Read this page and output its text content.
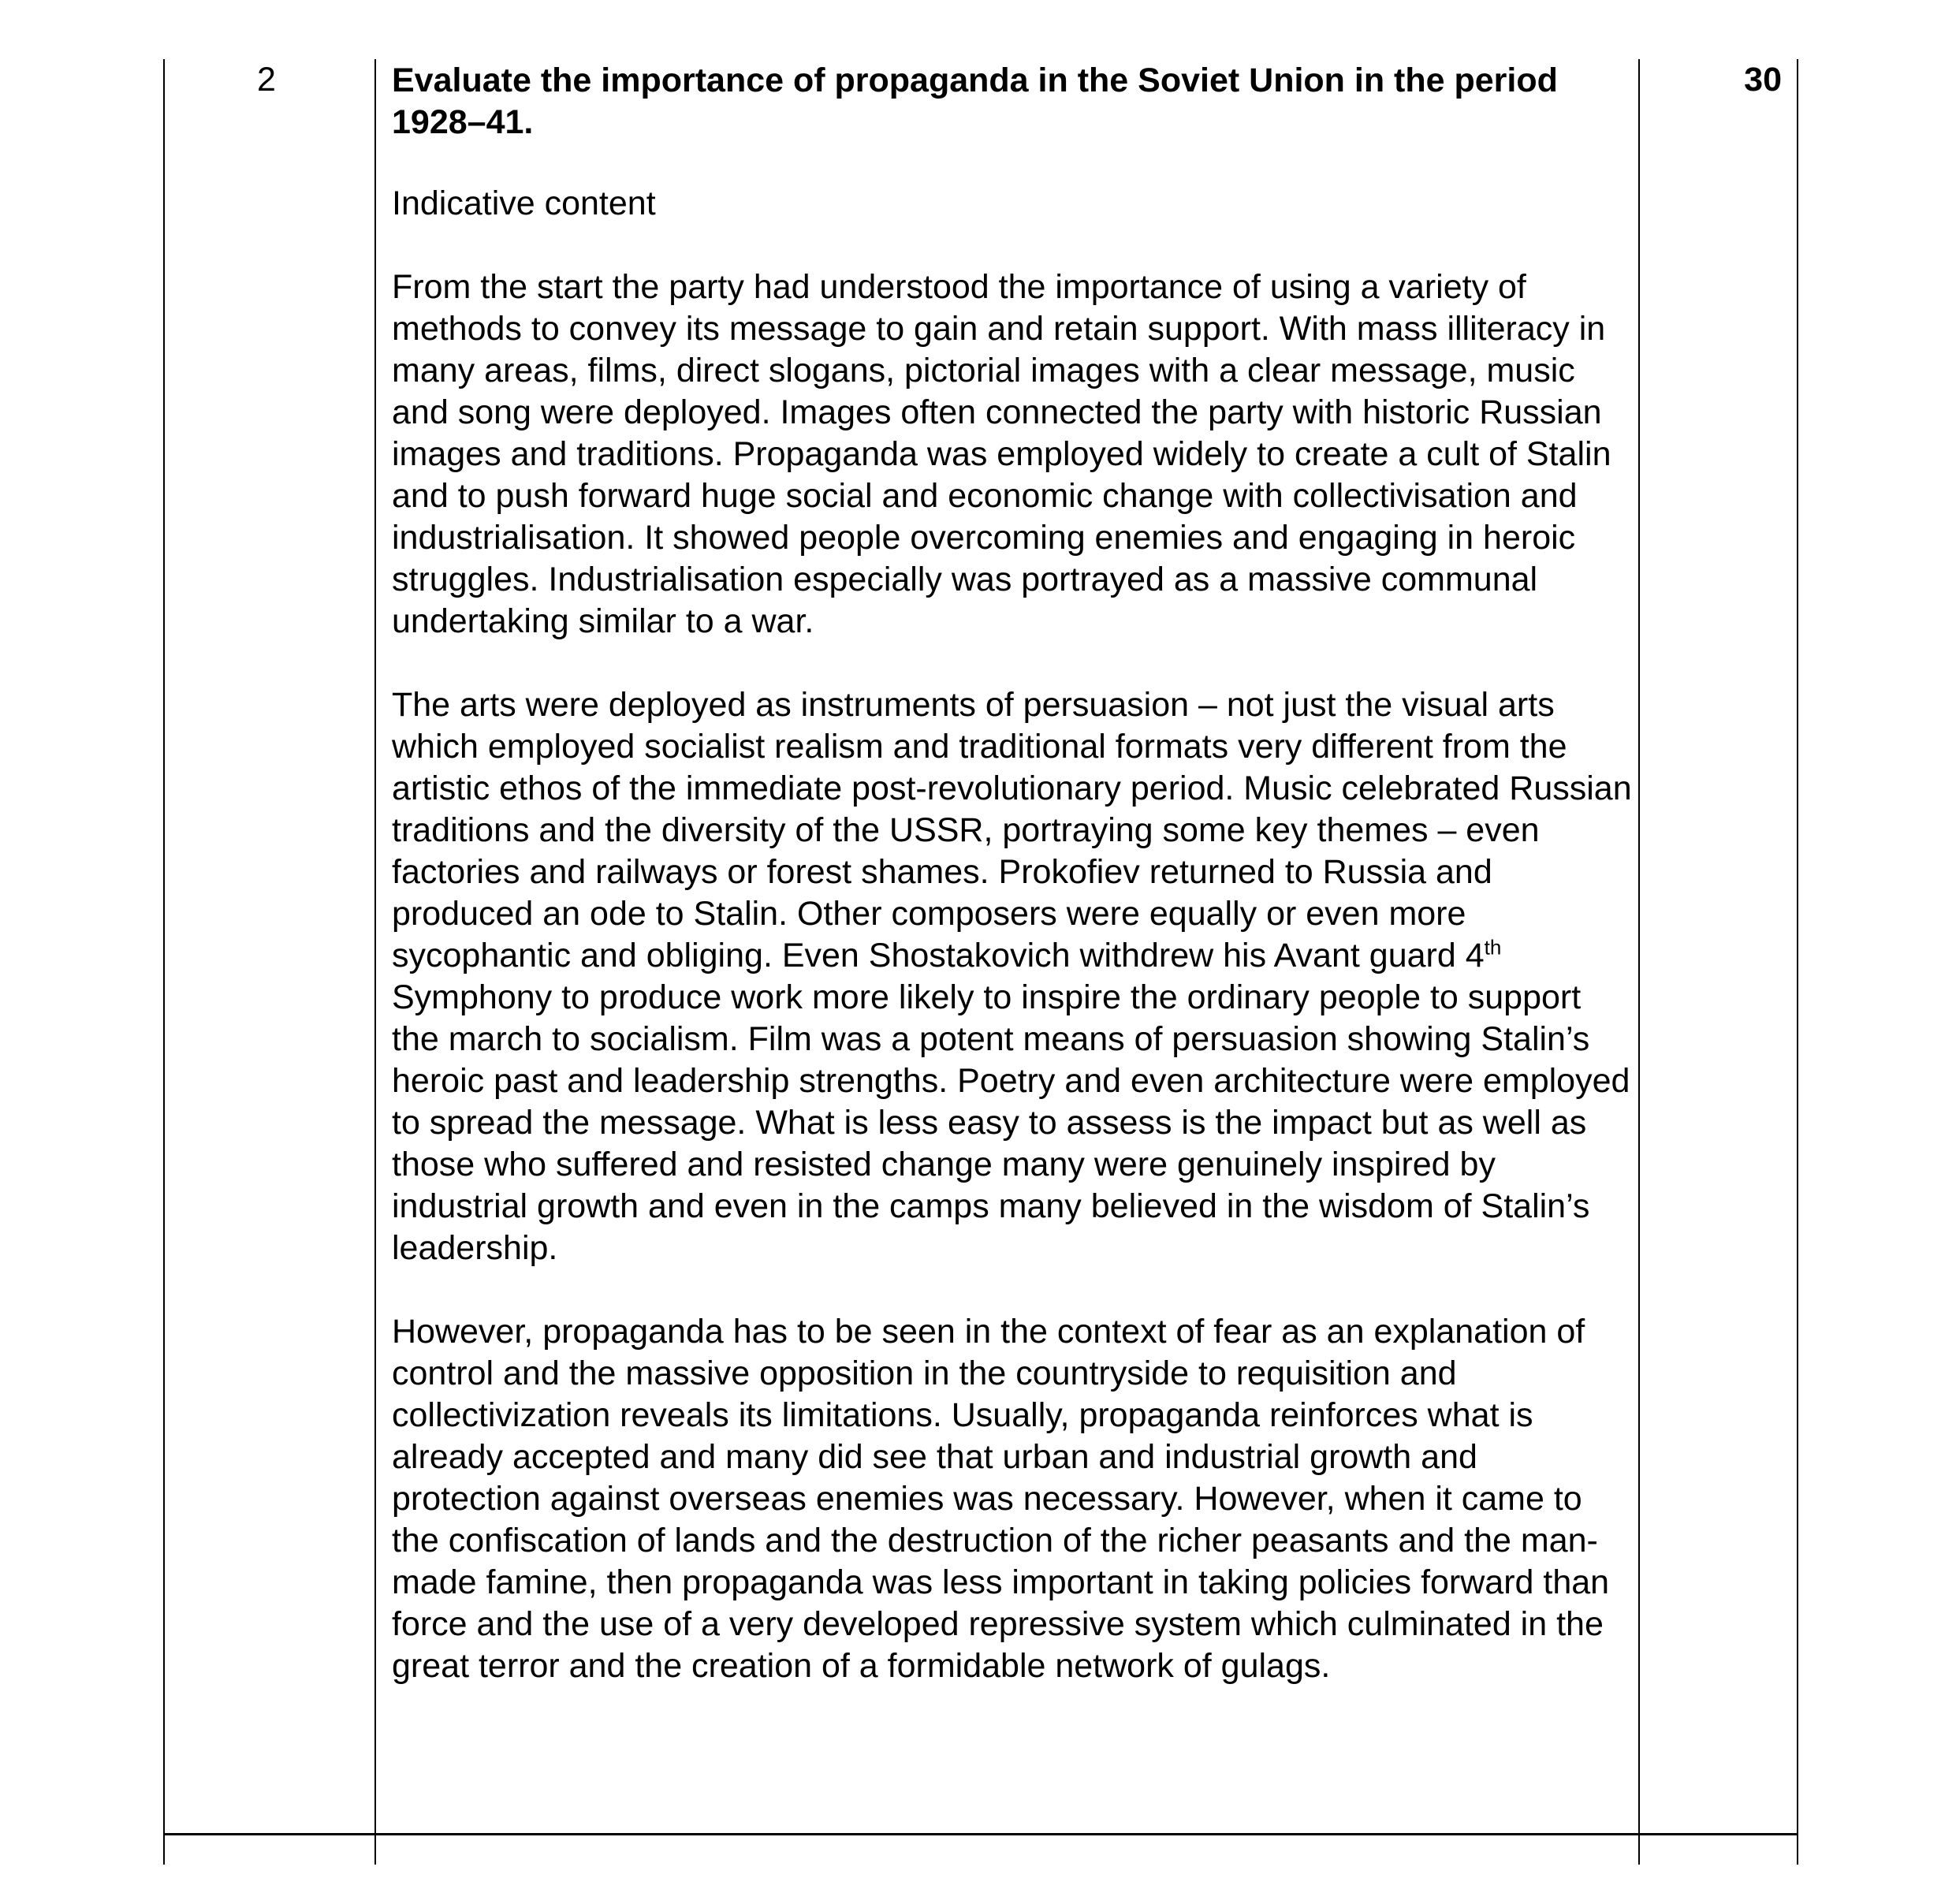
2	Evaluate the importance of propaganda in the Soviet Union in the period 1928–41.

Indicative content

From the start the party had understood the importance of using a variety of methods to convey its message to gain and retain support. With mass illiteracy in many areas, films, direct slogans, pictorial images with a clear message, music and song were deployed. Images often connected the party with historic Russian images and traditions. Propaganda was employed widely to create a cult of Stalin and to push forward huge social and economic change with collectivisation and industrialisation. It showed people overcoming enemies and engaging in heroic struggles. Industrialisation especially was portrayed as a massive communal undertaking similar to a war.

The arts were deployed as instruments of persuasion – not just the visual arts which employed socialist realism and traditional formats very different from the artistic ethos of the immediate post-revolutionary period. Music celebrated Russian traditions and the diversity of the USSR, portraying some key themes – even factories and railways or forest shames. Prokofiev returned to Russia and produced an ode to Stalin. Other composers were equally or even more sycophantic and obliging. Even Shostakovich withdrew his Avant guard 4th Symphony to produce work more likely to inspire the ordinary people to support the march to socialism. Film was a potent means of persuasion showing Stalin’s heroic past and leadership strengths. Poetry and even architecture were employed to spread the message. What is less easy to assess is the impact but as well as those who suffered and resisted change many were genuinely inspired by industrial growth and even in the camps many believed in the wisdom of Stalin’s leadership.

However, propaganda has to be seen in the context of fear as an explanation of control and the massive opposition in the countryside to requisition and collectivization reveals its limitations. Usually, propaganda reinforces what is already accepted and many did see that urban and industrial growth and protection against overseas enemies was necessary. However, when it came to the confiscation of lands and the destruction of the richer peasants and the man-made famine, then propaganda was less important in taking policies forward than force and the use of a very developed repressive system which culminated in the great terror and the creation of a formidable network of gulags.

30
